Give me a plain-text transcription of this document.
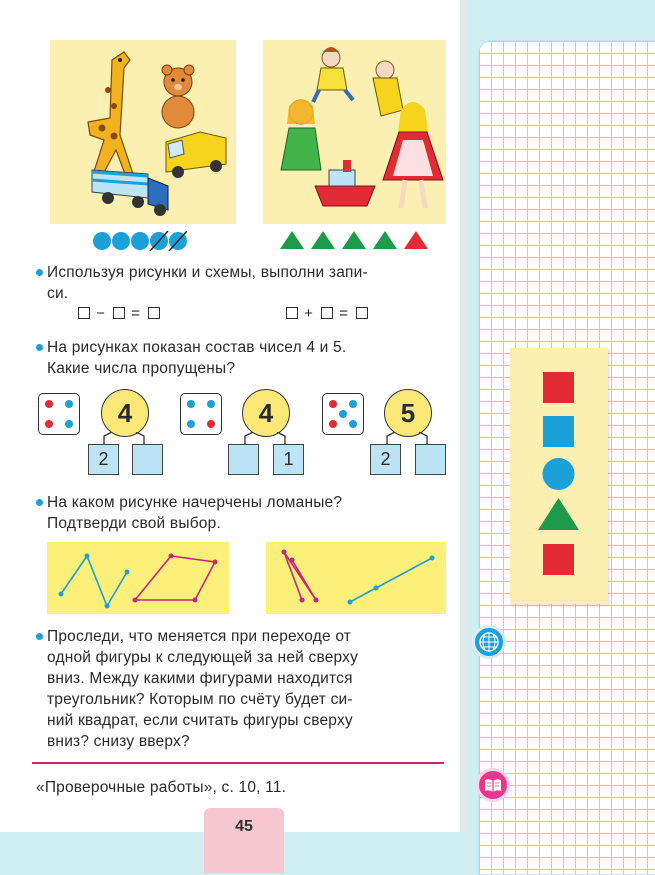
Используя рисунки и схемы, выполни запи-
си.
− =	+ =
На рисунках показан состав чисел 4 и 5.
Какие числа пропущены?
4
2
4
1
5
2
На каком рисунке начерчены ломаные?
Подтверди свой выбор.
Проследи, что меняется при переходе от
одной фигуры к следующей за ней сверху
вниз. Между какими фигурами находится
треугольник? Которым по счёту будет си-
ний квадрат, если считать фигуры сверху
вниз? снизу вверх?
«Проверочные работы», с. 10, 11.
45
